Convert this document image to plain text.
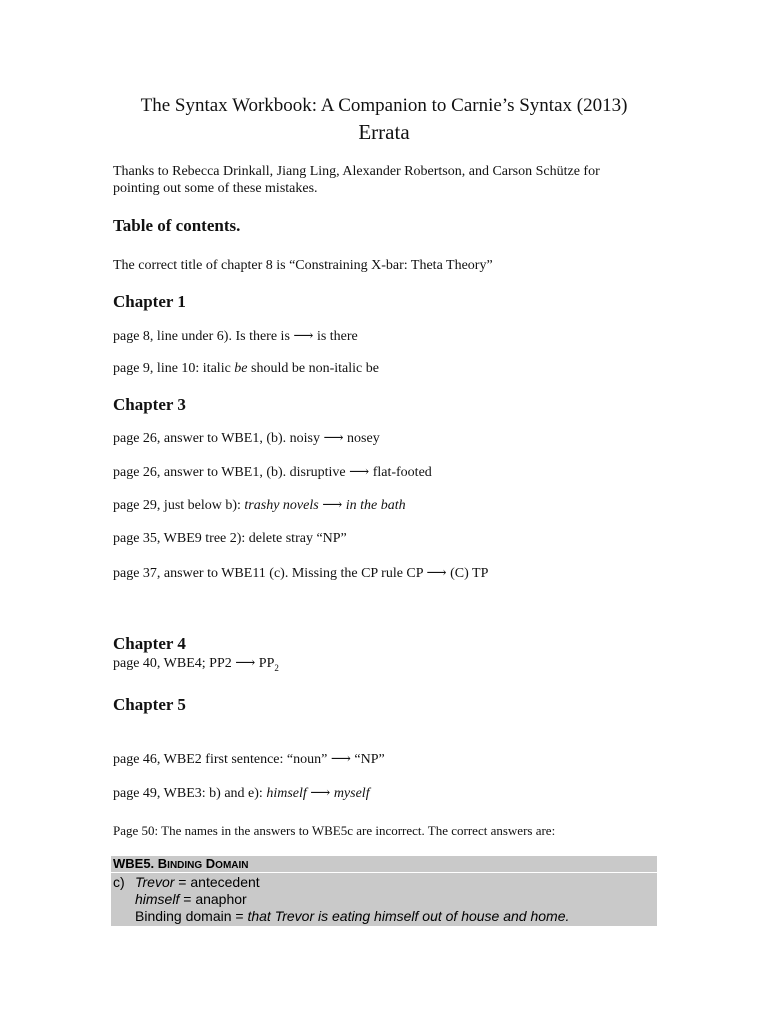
The Syntax Workbook: A Companion to Carnie’s Syntax (2013)
Errata
Thanks to Rebecca Drinkall, Jiang Ling, Alexander Robertson, and Carson Schütze for
pointing out some of these mistakes.
Table of contents.
The correct title of chapter 8 is “Constraining X-bar: Theta Theory”
Chapter 1
page 8, line under 6). Is there is ⟶ is there
page 9, line 10: italic be should be non-italic be
Chapter 3
page 26, answer to WBE1, (b). noisy ⟶ nosey
page 26, answer to WBE1, (b). disruptive ⟶ flat-footed
page 29, just below b): trashy novels ⟶ in the bath
page 35, WBE9 tree 2): delete stray “NP”
page 37, answer to WBE11 (c). Missing the CP rule CP ⟶ (C) TP
Chapter 4
page 40, WBE4; PP2 ⟶ $PP_2$
Chapter 5
page 46, WBE2 first sentence: “noun” ⟶ “NP”
page 49, WBE3: b) and e): himself ⟶ myself
Page 50: The names in the answers to WBE5c are incorrect. The correct answers are:
WBE5. BINDING DOMAIN
c) Trevor = antecedent
himself = anaphor
Binding domain = that Trevor is eating himself out of house and home.
